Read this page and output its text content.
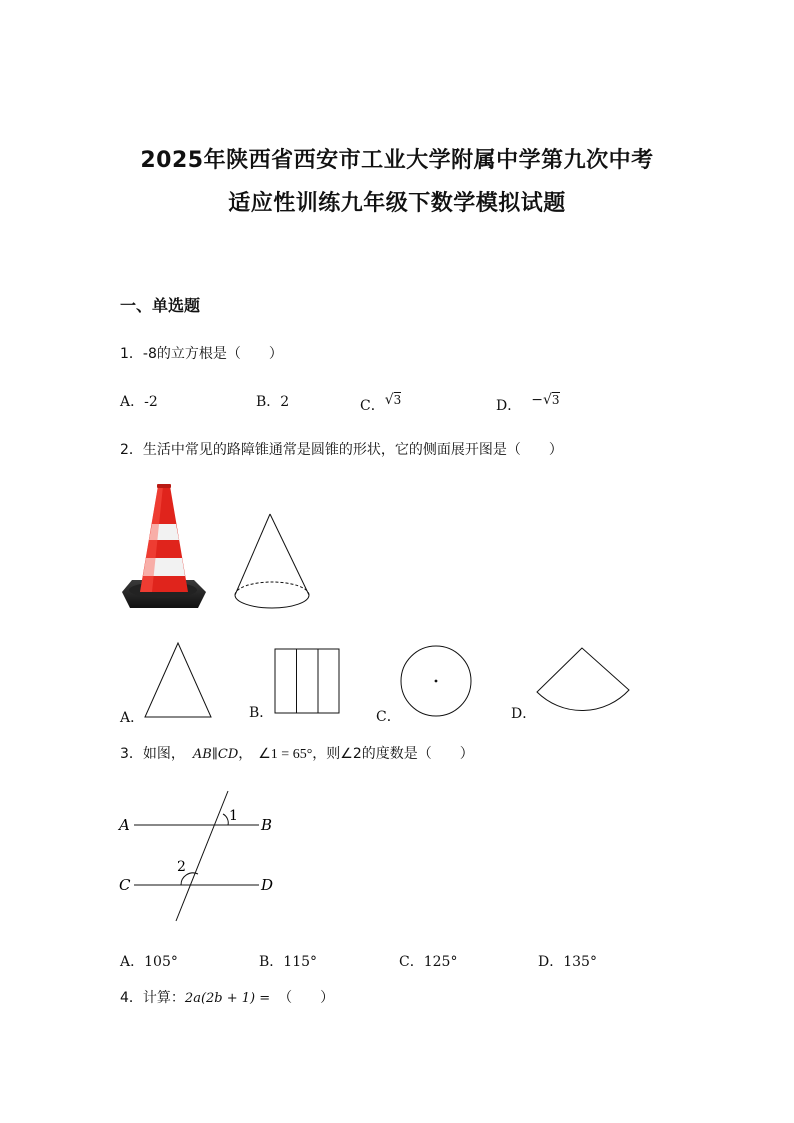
2025年陕西省西安市工业大学附属中学第九次中考
适应性训练九年级下数学模拟试题
一、单选题
1．-8的立方根是（　　）
A．-2	B．2	C．√3	D． −√3
2．生活中常见的路障锥通常是圆锥的形状，它的侧面展开图是（　　）
A．	B．	C．	D．
3．如图， AB∥CD， ∠1 = 65°，则∠2的度数是（　　）
A	B
C	D
1
2
A．105°	B．115°	C．125°	D．135°
4．计算：2a(2b + 1) = （　　）
